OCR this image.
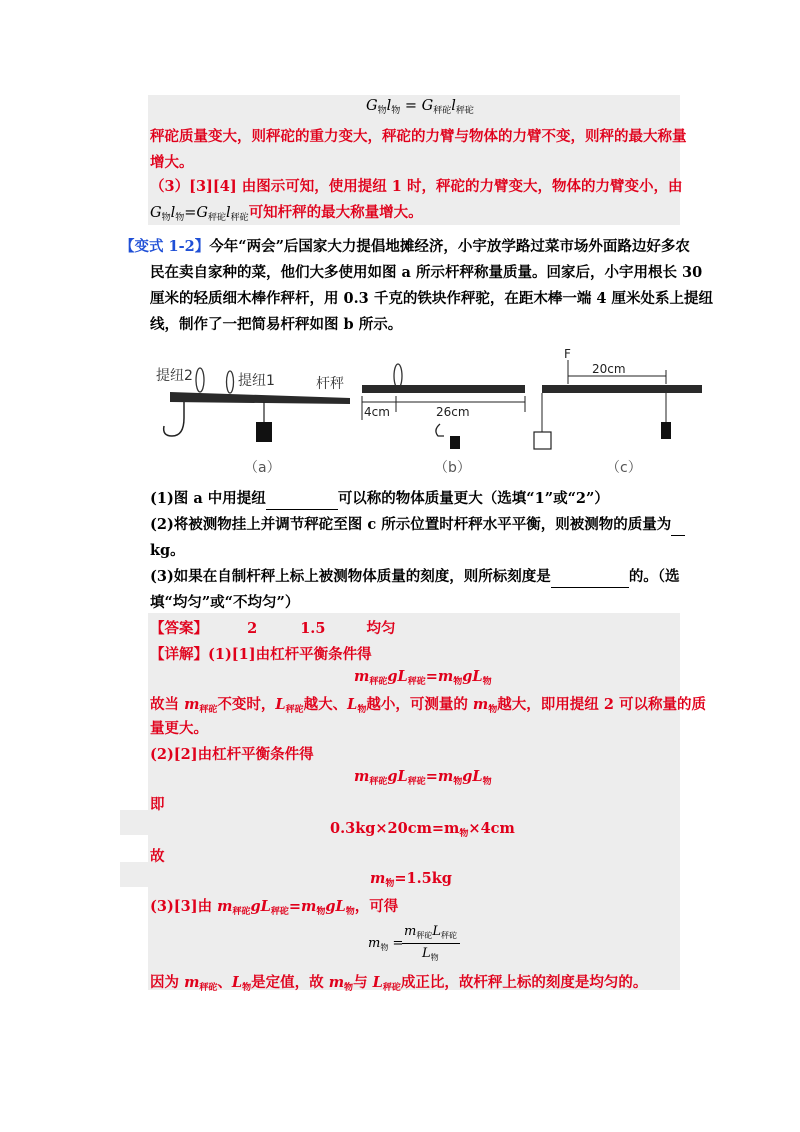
$G_物l_物 = G_{秤砣}l_{秤砣}$
秤砣质量变大，则秤砣的重力变大，秤砣的力臂与物体的力臂不变，则秤的最大称量
增大。
（3）[3][4] 由图示可知，使用提纽 1 时，秤砣的力臂变大，物体的力臂变小，由
$G_物l_物=G_{秤砣}l_{秤砣}$可知杆秤的最大称量增大。
【变式 1-2】今年“两会”后国家大力提倡地摊经济，小宇放学路过菜市场外面路边好多农
民在卖自家种的菜，他们大多使用如图 a 所示杆秤称量质量。回家后，小宇用根长 30
厘米的轻质细木棒作秤杆，用 0.3 千克的铁块作秤驼，在距木棒一端 4 厘米处系上提纽
线，制作了一把简易杆秤如图 b 所示。
提纽2	提纽1	杆秤
（a）
4cm	26cm
（b）
F
20cm
（c）
(1)图 a 中用提纽	可以称的物体质量更大（选填“1”或“2”）
(2)将被测物挂上并调节秤砣至图 c 所示位置时杆秤水平平衡，则被测物的质量为
kg。
(3)如果在自制杆秤上标上被测物体质量的刻度，则所标刻度是	的。（选
填“均匀”或“不均匀”）
【答案】	2	1.5	均匀
【详解】(1)[1]由杠杆平衡条件得
$m_{秤砣}gL_{秤砣}=m_物gL_物$
故当 $m_{秤砣}$不变时，$L_{秤砣}$越大、$L_物$越小，可测量的 $m_物$越大，即用提纽 2 可以称量的质
量更大。
(2)[2]由杠杆平衡条件得
$m_{秤砣}gL_{秤砣}=m_物gL_物$
即
$0.3kg\times 20cm=m_物\times 4cm$
故
$m_物=1.5kg$
(3)[3]由 $m_{秤砣}gL_{秤砣}=m_物gL_物$，可得
$m_物$ =
$m_{秤砣}L_{秤砣}$
$L_物$
因为 $m_{秤砣}$、$L_物$是定值，故 $m_物$与 $L_{秤砣}$成正比，故杆秤上标的刻度是均匀的。
